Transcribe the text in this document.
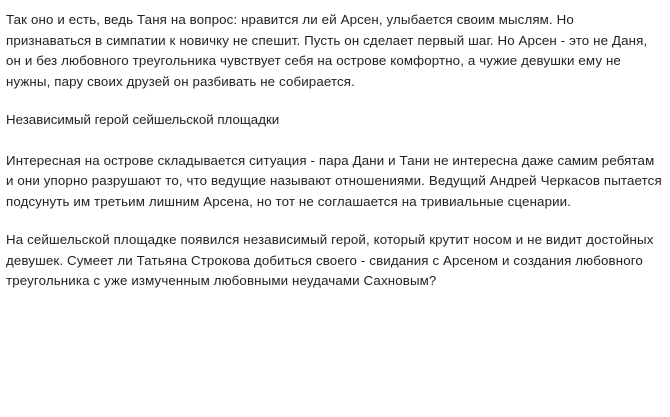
Так оно и есть, ведь Таня на вопрос: нравится ли ей Арсен, улыбается своим мыслям. Но признаваться в симпатии к новичку не спешит. Пусть он сделает первый шаг. Но Арсен - это не Даня, он и без любовного треугольника чувствует себя на острове комфортно, а чужие девушки ему не нужны, пару своих друзей он разбивать не собирается.

Независимый герой сейшельской площадки

Интересная на острове складывается ситуация - пара Дани и Тани не интересна даже самим ребятам и они упорно разрушают то, что ведущие называют отношениями. Ведущий Андрей Черкасов пытается подсунуть им третьим лишним Арсена, но тот не соглашается на тривиальные сценарии.

На сейшельской площадке появился независимый герой, который крутит носом и не видит достойных девушек. Сумеет ли Татьяна Строкова добиться своего - свидания с Арсеном и создания любовного треугольника с уже измученным любовными неудачами Сахновым?
